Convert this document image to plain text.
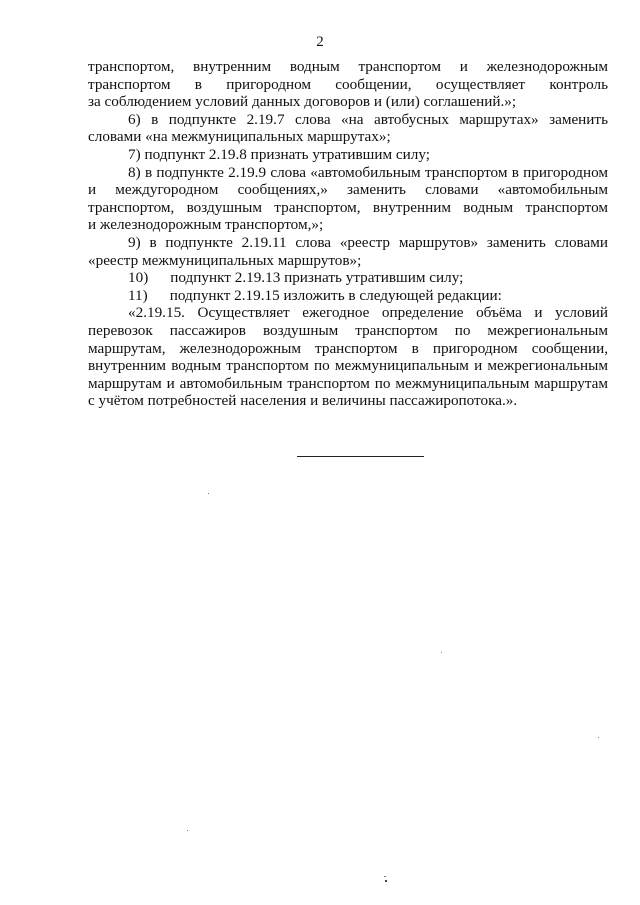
2

транспортом, внутренним водным транспортом и железнодорожным
транспортом в пригородном сообщении, осуществляет контроль
за соблюдением условий данных договоров и (или) соглашений.»;

6) в подпункте 2.19.7 слова «на автобусных маршрутах» заменить
словами «на межмуниципальных маршрутах»;

7) подпункт 2.19.8 признать утратившим силу;

8) в подпункте 2.19.9 слова «автомобильным транспортом в пригородном
и междугородном сообщениях,» заменить словами «автомобильным
транспортом, воздушным транспортом, внутренним водным транспортом
и железнодорожным транспортом,»;

9) в подпункте 2.19.11 слова «реестр маршрутов» заменить словами
«реестр межмуниципальных маршрутов»;

10) подпункт 2.19.13 признать утратившим силу;

11) подпункт 2.19.15 изложить в следующей редакции:

«2.19.15. Осуществляет ежегодное определение объёма и условий
перевозок пассажиров воздушным транспортом по межрегиональным
маршрутам, железнодорожным транспортом в пригородном сообщении,
внутренним водным транспортом по межмуниципальным и межрегиональным
маршрутам и автомобильным транспортом по межмуниципальным маршрутам
с учётом потребностей населения и величины пассажиропотока.».
